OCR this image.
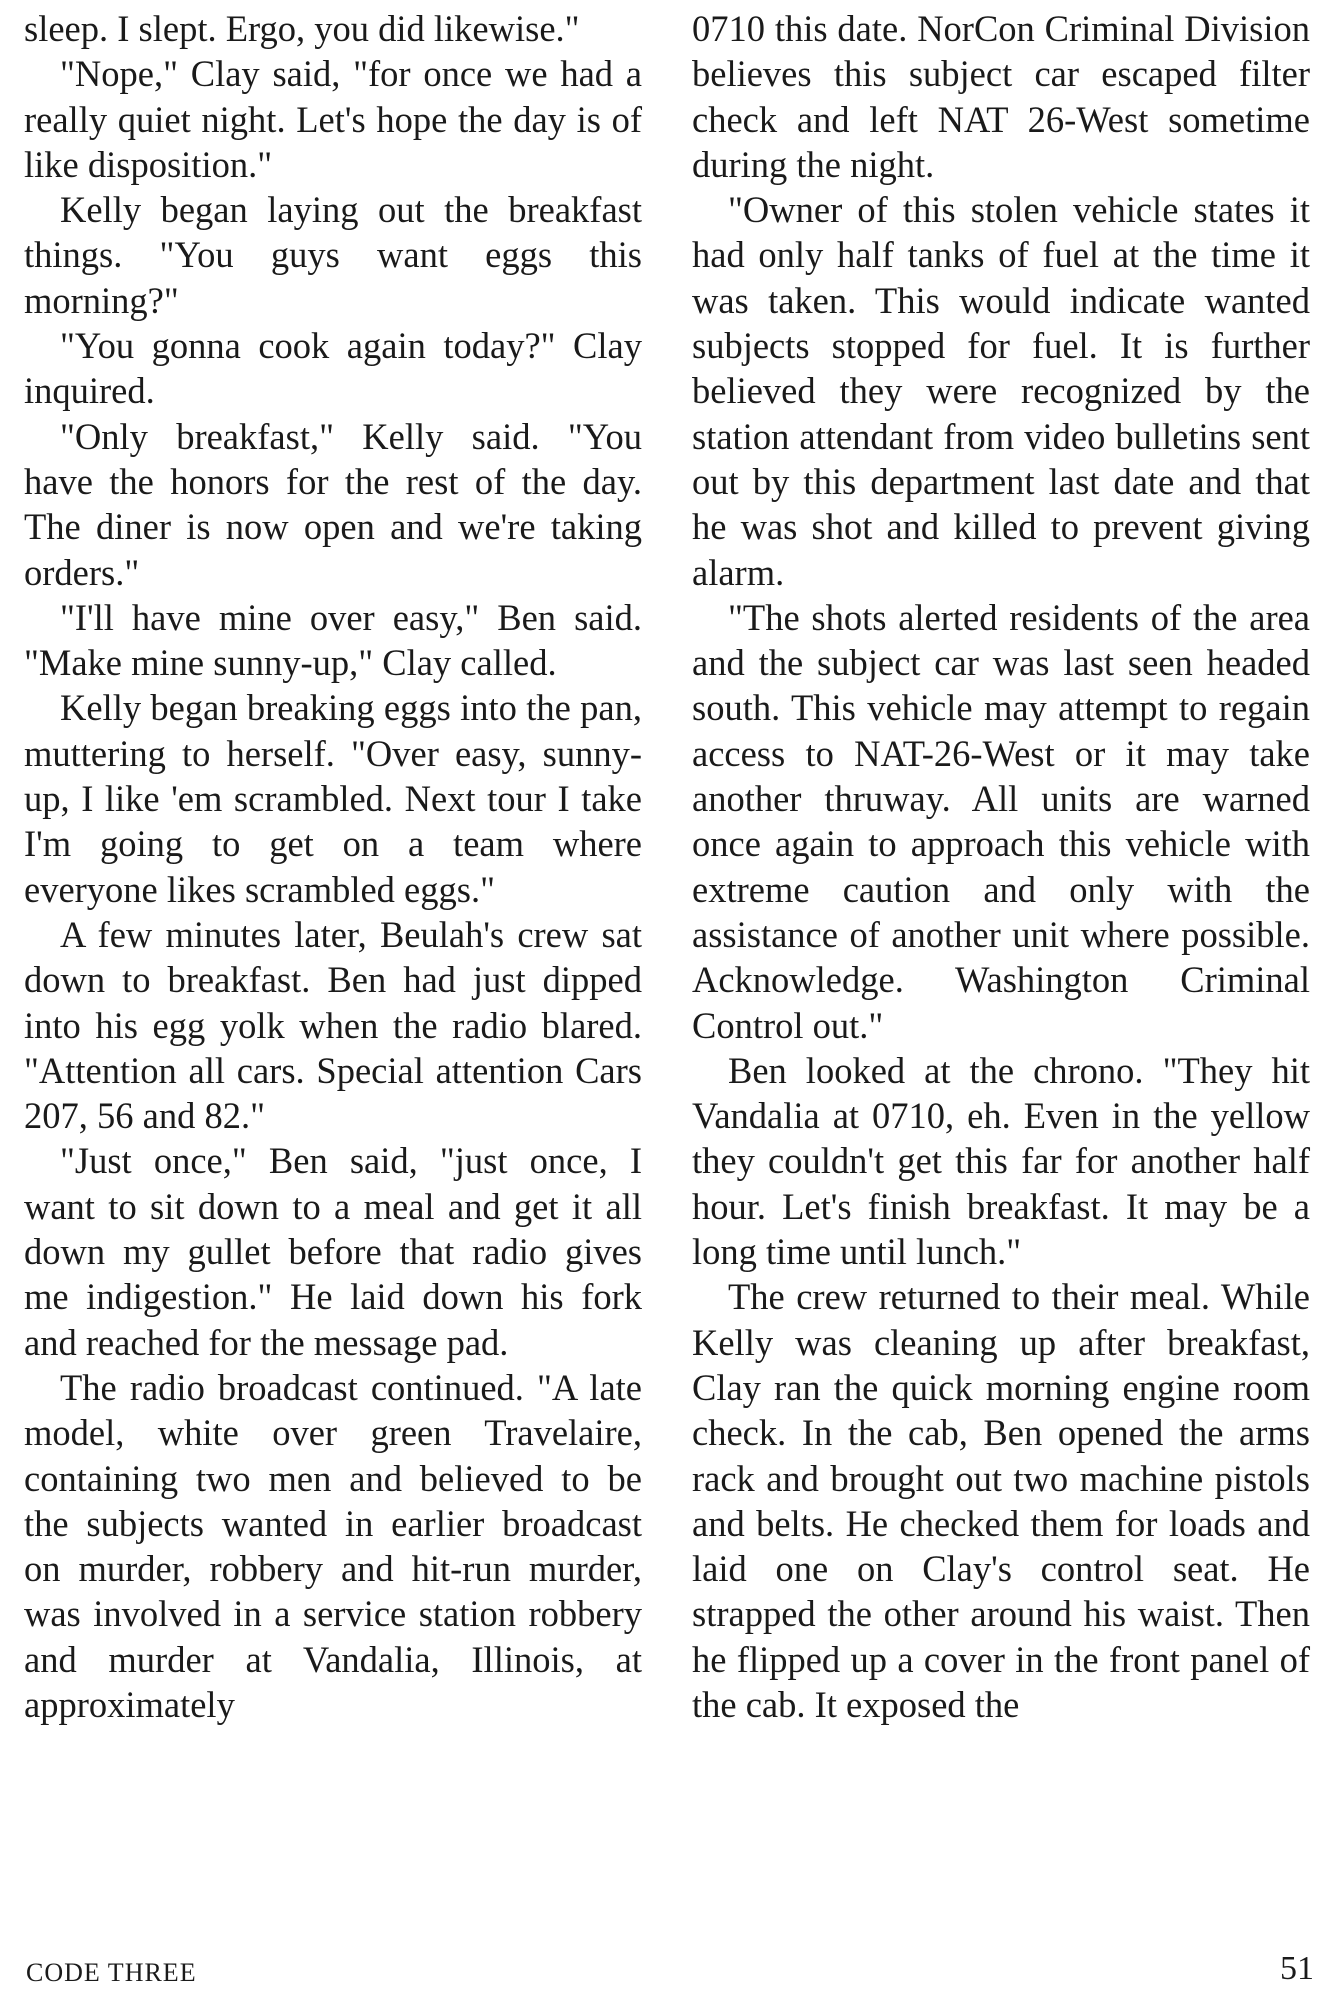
sleep. I slept. Ergo, you did likewise."

"Nope," Clay said, "for once we had a really quiet night. Let's hope the day is of like disposition."

Kelly began laying out the breakfast things. "You guys want eggs this morning?"

"You gonna cook again today?" Clay inquired.

"Only breakfast," Kelly said. "You have the honors for the rest of the day. The diner is now open and we're taking orders."

"I'll have mine over easy," Ben said. "Make mine sunny-up," Clay called.

Kelly began breaking eggs into the pan, muttering to herself. "Over easy, sunny-up, I like 'em scrambled. Next tour I take I'm going to get on a team where everyone likes scrambled eggs."

A few minutes later, Beulah's crew sat down to breakfast. Ben had just dipped into his egg yolk when the radio blared. "Attention all cars. Special attention Cars 207, 56 and 82."

"Just once," Ben said, "just once, I want to sit down to a meal and get it all down my gullet before that radio gives me indigestion." He laid down his fork and reached for the message pad.

The radio broadcast continued. "A late model, white over green Travelaire, containing two men and believed to be the subjects wanted in earlier broadcast on murder, robbery and hit-run murder, was involved in a service station robbery and murder at Vandalia, Illinois, at approximately

0710 this date. NorCon Criminal Division believes this subject car escaped filter check and left NAT 26-West sometime during the night.

"Owner of this stolen vehicle states it had only half tanks of fuel at the time it was taken. This would indicate wanted subjects stopped for fuel. It is further believed they were recognized by the station attendant from video bulletins sent out by this department last date and that he was shot and killed to prevent giving alarm.

"The shots alerted residents of the area and the subject car was last seen headed south. This vehicle may attempt to regain access to NAT-26-West or it may take another thruway. All units are warned once again to approach this vehicle with extreme caution and only with the assistance of another unit where possible. Acknowledge. Washington Criminal Control out."

Ben looked at the chrono. "They hit Vandalia at 0710, eh. Even in the yellow they couldn't get this far for another half hour. Let's finish breakfast. It may be a long time until lunch."

The crew returned to their meal. While Kelly was cleaning up after breakfast, Clay ran the quick morning engine room check. In the cab, Ben opened the arms rack and brought out two machine pistols and belts. He checked them for loads and laid one on Clay's control seat. He strapped the other around his waist. Then he flipped up a cover in the front panel of the cab. It exposed the

CODE THREE	51
